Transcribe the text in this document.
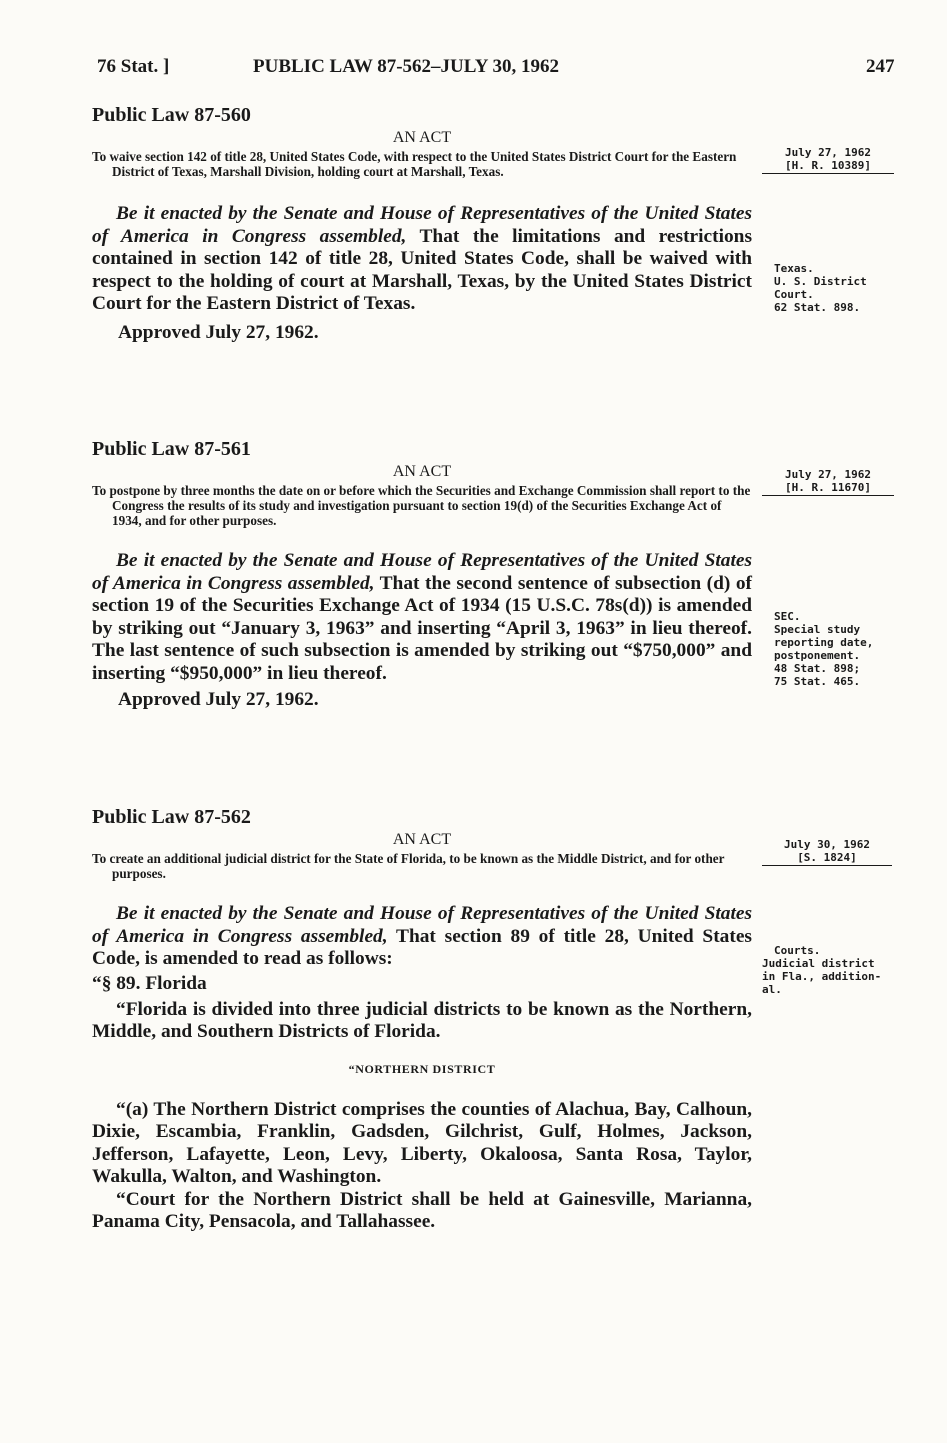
76 Stat. ]	PUBLIC LAW 87-562–JULY 30, 1962	247
Public Law 87-560
AN ACT

To waive section 142 of title 28, United States Code, with respect to the United States District Court for the Eastern District of Texas, Marshall Division, holding court at Marshall, Texas.

Be it enacted by the Senate and House of Representatives of the United States of America in Congress assembled, That the limitations and restrictions contained in section 142 of title 28, United States Code, shall be waived with respect to the holding of court at Marshall, Texas, by the United States District Court for the Eastern District of Texas.

Approved July 27, 1962.

July 27, 1962
[H. R. 10389]
Texas.
U. S. District Court.
62 Stat. 898.
Public Law 87-561
AN ACT

To postpone by three months the date on or before which the Securities and Exchange Commission shall report to the Congress the results of its study and investigation pursuant to section 19(d) of the Securities Exchange Act of 1934, and for other purposes.

Be it enacted by the Senate and House of Representatives of the United States of America in Congress assembled, That the second sentence of subsection (d) of section 19 of the Securities Exchange Act of 1934 (15 U.S.C. 78s(d)) is amended by striking out “January 3, 1963” and inserting “April 3, 1963” in lieu thereof. The last sentence of such subsection is amended by striking out “$750,000” and inserting “$950,000” in lieu thereof.

Approved July 27, 1962.

July 27, 1962
[H. R. 11670]
SEC.
Special study reporting date, postponement.
48 Stat. 898;
75 Stat. 465.
Public Law 87-562
AN ACT

To create an additional judicial district for the State of Florida, to be known as the Middle District, and for other purposes.

Be it enacted by the Senate and House of Representatives of the United States of America in Congress assembled, That section 89 of title 28, United States Code, is amended to read as follows:

“§ 89. Florida

“Florida is divided into three judicial districts to be known as the Northern, Middle, and Southern Districts of Florida.

“NORTHERN DISTRICT

“(a) The Northern District comprises the counties of Alachua, Bay, Calhoun, Dixie, Escambia, Franklin, Gadsden, Gilchrist, Gulf, Holmes, Jackson, Jefferson, Lafayette, Leon, Levy, Liberty, Okaloosa, Santa Rosa, Taylor, Wakulla, Walton, and Washington.

“Court for the Northern District shall be held at Gainesville, Marianna, Panama City, Pensacola, and Tallahassee.

July 30, 1962
[S. 1824]
Courts.
Judicial district in Fla., addition-al.
